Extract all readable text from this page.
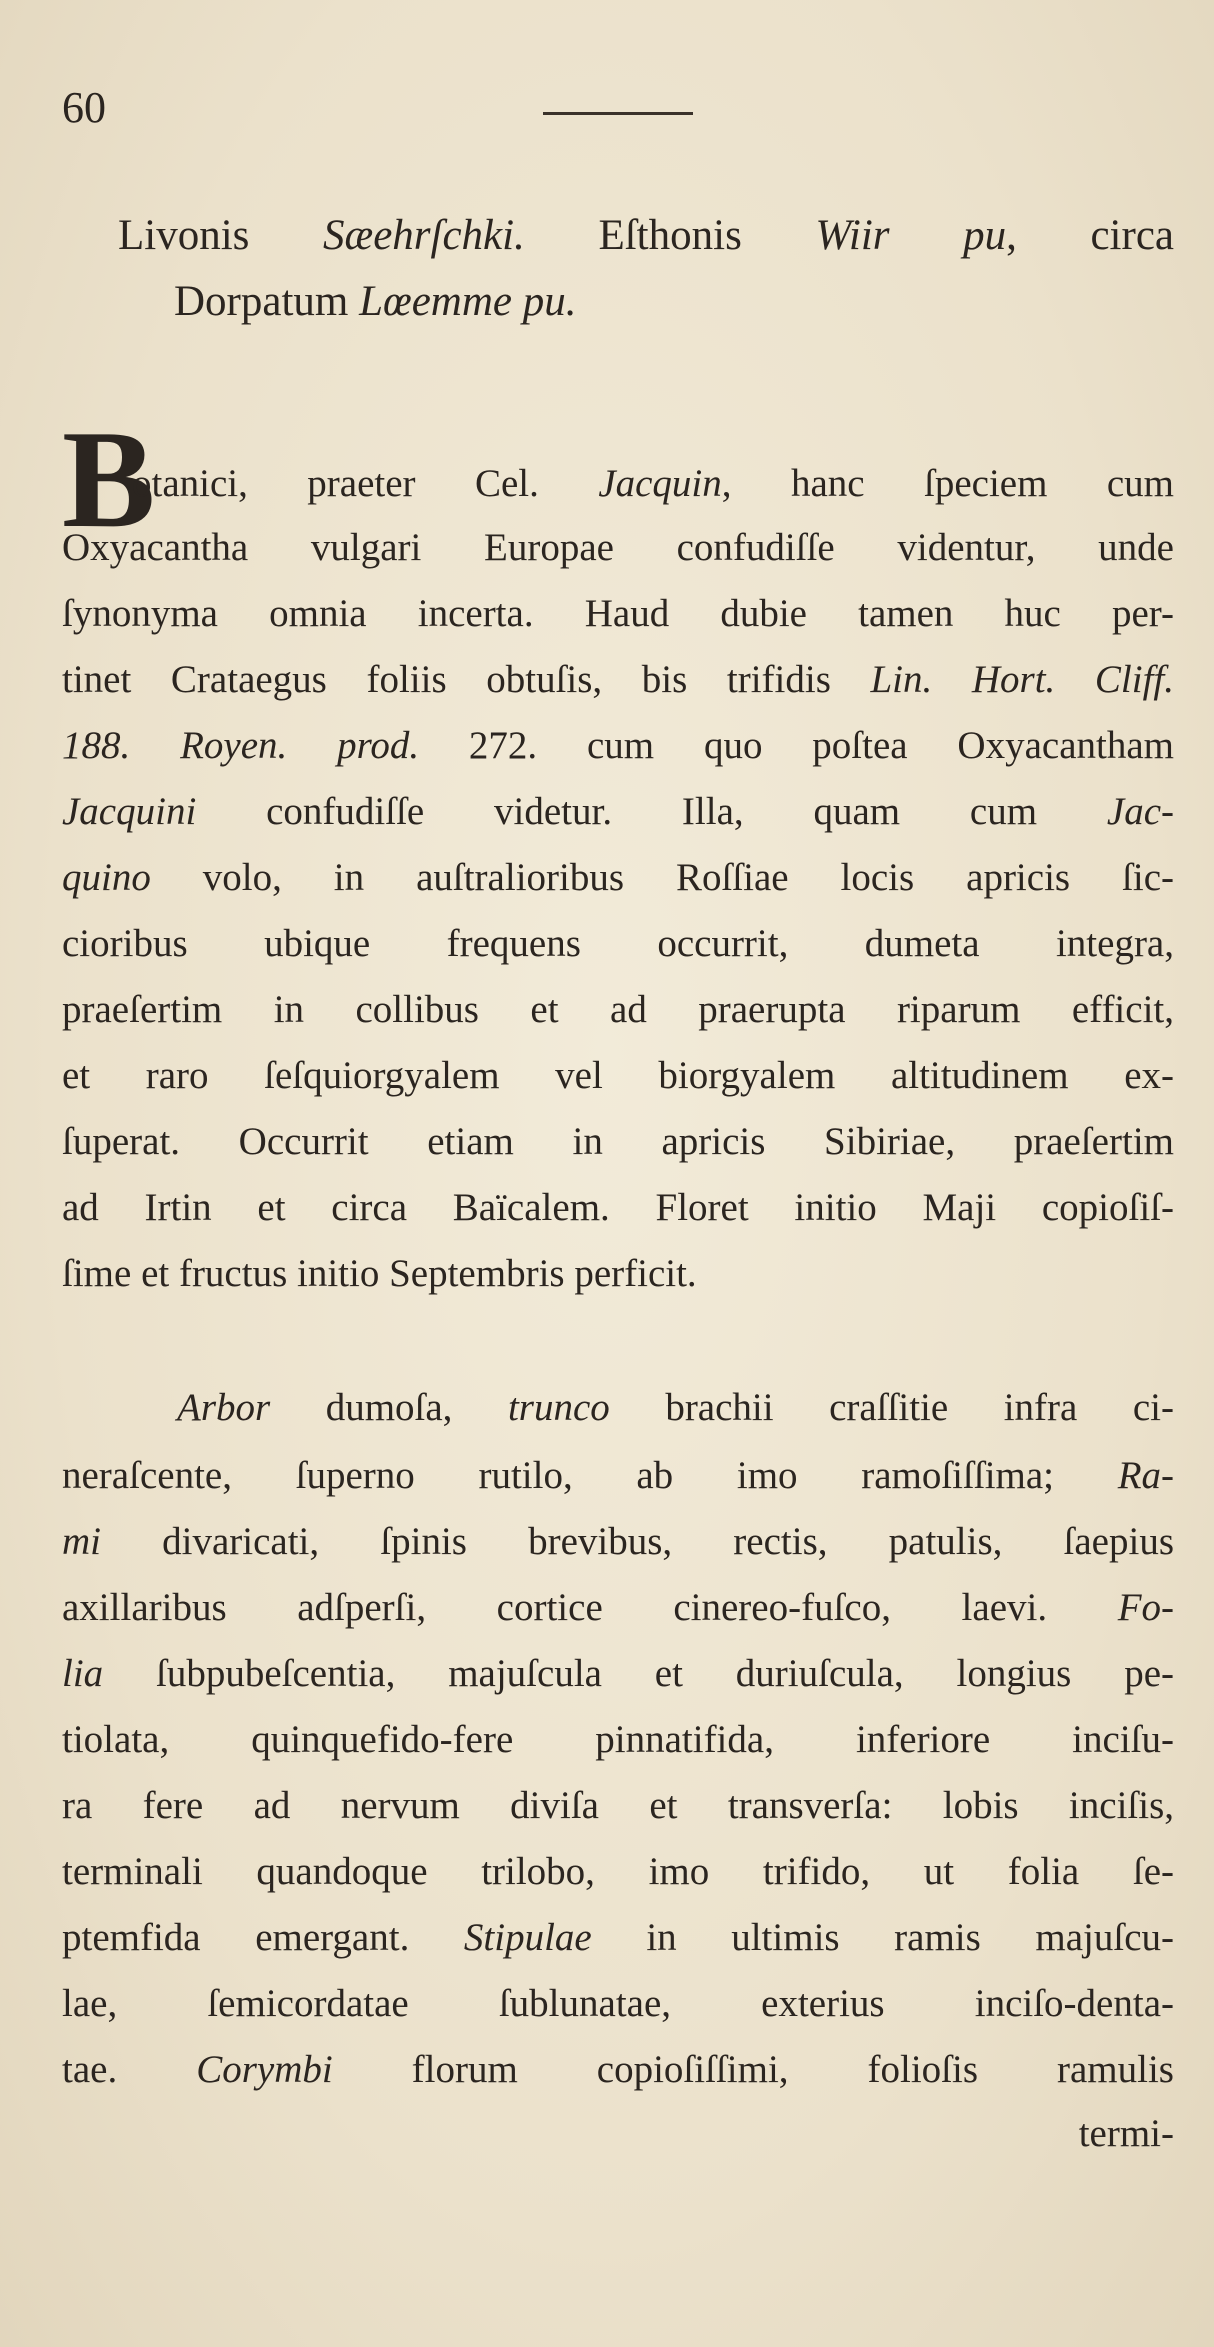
60
Livonis Sæehrſchki. Eſthonis Wiir pu, circa
Dorpatum Lœemme pu.
B
otanici, praeter Cel. Jacquin, hanc ſpeciem cum
Oxyacantha vulgari Europae confudiſſe videntur, unde
ſynonyma omnia incerta. Haud dubie tamen huc per-
tinet Crataegus foliis obtuſis, bis trifidis Lin. Hort. Cliff.
188. Royen. prod. 272. cum quo poſtea Oxyacantham
Jacquini confudiſſe videtur. Illa, quam cum Jac-
quino volo, in auſtralioribus Roſſiae locis apricis ſic-
cioribus ubique frequens occurrit, dumeta integra,
praeſertim in collibus et ad praerupta riparum efficit,
et raro ſeſquiorgyalem vel biorgyalem altitudinem ex-
ſuperat. Occurrit etiam in apricis Sibiriae, praeſertim
ad Irtin et circa Baïcalem. Floret initio Maji copioſiſ-
ſime et fructus initio Septembris perficit.
Arbor dumoſa, trunco brachii craſſitie infra ci-
neraſcente, ſuperno rutilo, ab imo ramoſiſſima; Ra-
mi divaricati, ſpinis brevibus, rectis, patulis, ſaepius
axillaribus adſperſi, cortice cinereo-fuſco, laevi. Fo-
lia ſubpubeſcentia, majuſcula et duriuſcula, longius pe-
tiolata, quinquefido-fere pinnatifida, inferiore inciſu-
ra fere ad nervum diviſa et transverſa: lobis inciſis,
terminali quandoque trilobo, imo trifido, ut folia ſe-
ptemfida emergant. Stipulae in ultimis ramis majuſcu-
lae, ſemicordatae ſublunatae, exterius inciſo-denta-
tae. Corymbi florum copioſiſſimi, folioſis ramulis
termi-
